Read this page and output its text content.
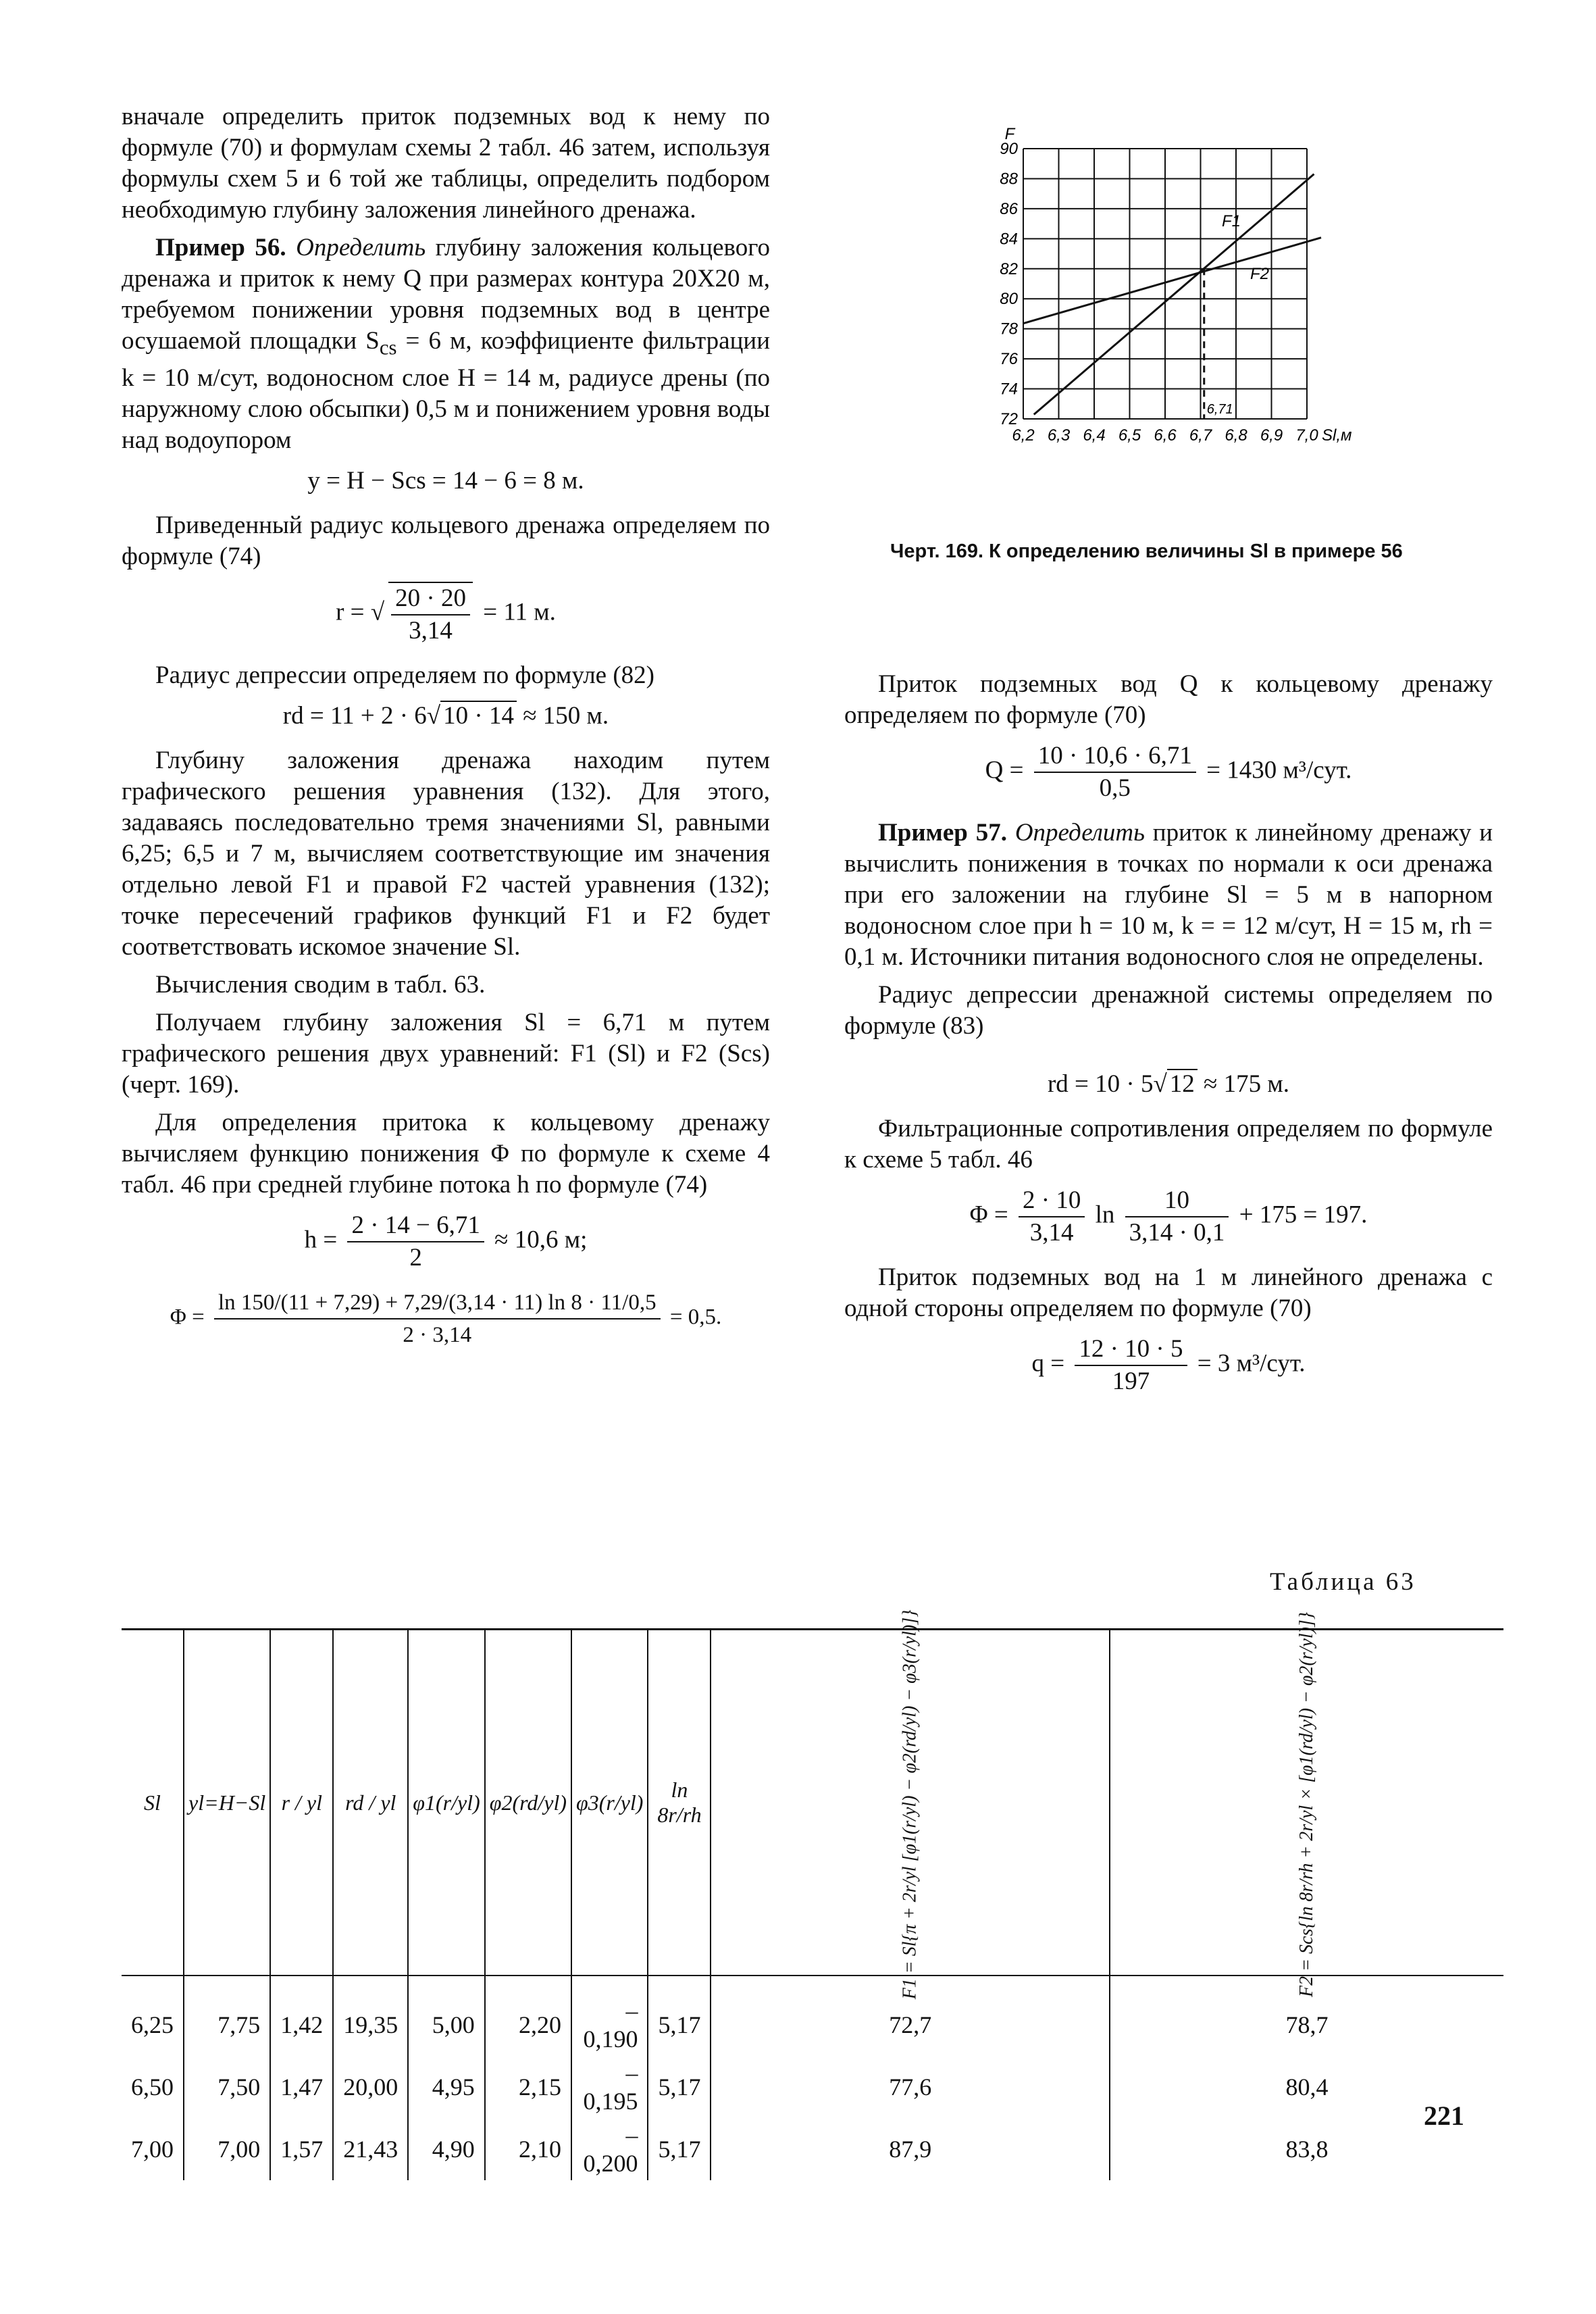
вначале определить приток подземных вод к нему по формуле (70) и формулам схемы 2 табл. 46 затем, используя формулы схем 5 и 6 той же таблицы, определить подбором необходимую глубину заложения линейного дренажа.

Пример 56. Определить глубину заложения кольцевого дренажа и приток к нему Q при размерах контура 20X20 м, требуемом понижении уровня подземных вод в центре осушаемой площадки $S_{cs} = 6$ м, коэффициенте фильтрации k = 10 м/сут, водоносном слое H = 14 м, радиусе дрены (по наружному слою обсыпки) 0,5 м и понижением уровня воды над водоупором

y = H − Scs = 14 − 6 = 8 м.

Приведенный радиус кольцевого дренажа определяем по формуле (74)

r = √ $\frac{20 \cdot 20}{3,14} = 11$ м.

Радиус депрессии определяем по формуле (82)

rd = 11 + 2 · 6√ 10 · 14 ≈ 150 м.

Глубину заложения дренажа находим путем графического решения уравнения (132). Для этого, задаваясь последовательно тремя значениями Sl, равными 6,25; 6,5 и 7 м, вычисляем соответствующие им значения отдельно левой F1 и правой F2 частей уравнения (132); точке пересечений графиков функций F1 и F2 будет соответствовать искомое значение Sl.

Вычисления сводим в табл. 63.

Получаем глубину заложения Sl = 6,71 м путем графического решения двух уравнений: F1 (Sl) и F2 (Scs) (черт. 169).

Для определения притока к кольцевому дренажу вычисляем функцию понижения Φ по формуле к схеме 4 табл. 46 при средней глубине потока h по формуле (74)

$h = \frac{2 \cdot 14 - 6,71}{2} \approx 10,6$ м;
$\Phi = \frac{\ln 150/(11 + 7,29) + 7,29/(3,14 \cdot 11) \ln 8 \cdot 11/0,5}{2 \cdot 3,14} = 0,5$.
6,2 6,3 6,4 6,5 6,6 6,7 6,8 6,9 7,0
72
74
76
78
80
82
84
86
88
90
F
Sl,м
F1
F2
6,71
Черт. 169. К определению величины Sl в примере 56

Приток подземных вод Q к кольцевому дренажу определяем по формуле (70)

$Q = \frac{10 \cdot 10,6 \cdot 6,71}{0,5} = 1430$ м³/сут.

Пример 57. Определить приток к линейному дренажу и вычислить понижения в точках по нормали к оси дренажа при его заложении на глубине Sl = 5 м в напорном водоносном слое при h = 10 м, k = = 12 м/сут, H = 15 м, rh = 0,1 м. Источники питания водоносного слоя не определены.

Радиус депрессии дренажной системы определяем по формуле (83)

rd = 10 · 5√ 12 ≈ 175 м.

Фильтрационные сопротивления определяем по формуле к схеме 5 табл. 46

$\Phi = \frac{2 \cdot 10}{3,14}$ $\ln \frac{10}{3,14 \cdot 0,1} + 175 = 197$.

Приток подземных вод на 1 м линейного дренажа с одной стороны определяем по формуле (70)

$q = \frac{12 \cdot 10 \cdot 5}{197} = 3$ м³/сут.
Таблица 63
Sl	yl=H−Sl	r / yl	rd / yl	φ1(r/yl)	φ2(rd/yl)	φ3(r/yl)	ln 8r/rh	F1 = Sl{π + 2r/yl [φ1(r/yl) − φ2(rd/yl) − φ3(r/yl)]}	F2 = Scs{ln 8r/rh + 2r/yl × [φ1(rd/yl) − φ2(r/yl)]}
6,25	7,75	1,42	19,35	5,00	2,20	–0,190	5,17	72,7	78,7
6,50	7,50	1,47	20,00	4,95	2,15	–0,195	5,17	77,6	80,4
7,00	7,00	1,57	21,43	4,90	2,10	–0,200	5,17	87,9	83,8
221
